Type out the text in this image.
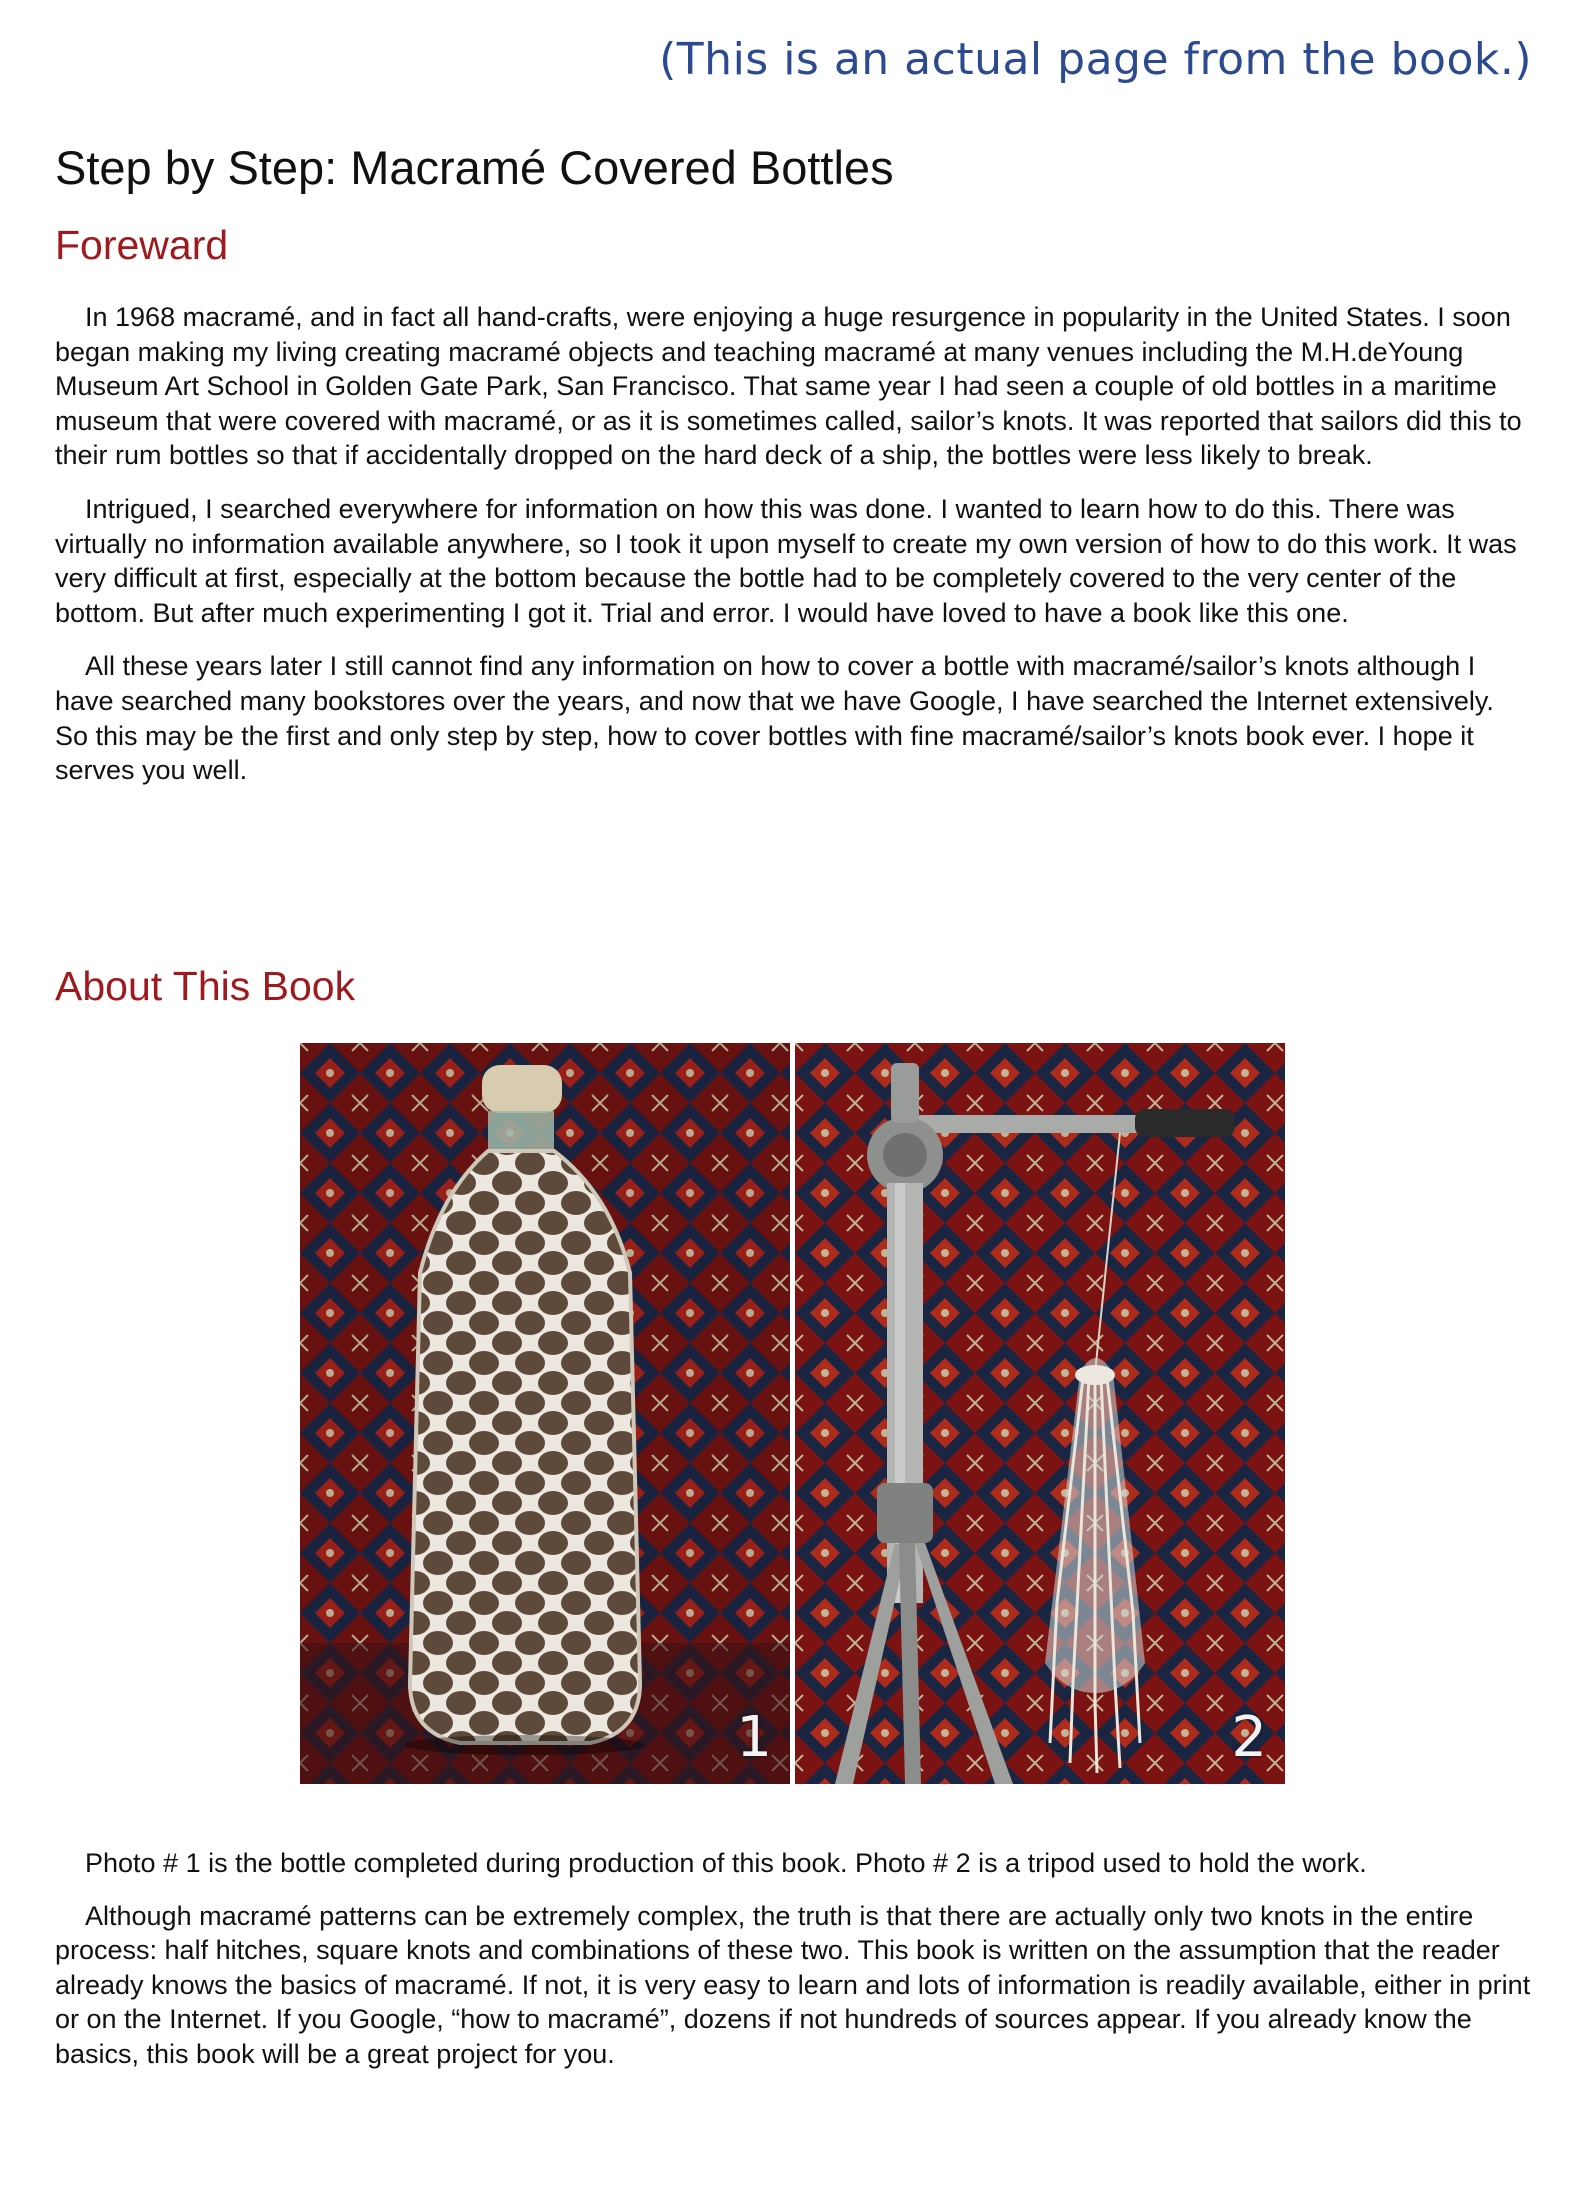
(This is an actual page from the book.)
Step by Step: Macramé Covered Bottles
Foreward

In 1968 macramé, and in fact all hand-crafts, were enjoying a huge resurgence in popularity in the United States. I soon began making my living creating macramé objects and teaching macramé at many venues including the M.H.deYoung Museum Art School in Golden Gate Park, San Francisco. That same year I had seen a couple of old bottles in a maritime museum that were covered with macramé, or as it is sometimes called, sailor’s knots. It was reported that sailors did this to their rum bottles so that if accidentally dropped on the hard deck of a ship, the bottles were less likely to break.

Intrigued, I searched everywhere for information on how this was done. I wanted to learn how to do this. There was virtually no information available anywhere, so I took it upon myself to create my own version of how to do this work. It was very difficult at first, especially at the bottom because the bottle had to be completely covered to the very center of the bottom. But after much experimenting I got it. Trial and error. I would have loved to have a book like this one.

All these years later I still cannot find any information on how to cover a bottle with macramé/sailor’s knots although I have searched many bookstores over the years, and now that we have Google, I have searched the Internet extensively. So this may be the first and only step by step, how to cover bottles with fine macramé/sailor’s knots book ever. I hope it serves you well.

About This Book
1	2

Photo # 1 is the bottle completed during production of this book. Photo # 2 is a tripod used to hold the work.

Although macramé patterns can be extremely complex, the truth is that there are actually only two knots in the entire process: half hitches, square knots and combinations of these two. This book is written on the assumption that the reader already knows the basics of macramé. If not, it is very easy to learn and lots of information is readily available, either in print or on the Internet. If you Google, “how to macramé”, dozens if not hundreds of sources appear. If you already know the basics, this book will be a great project for you.
